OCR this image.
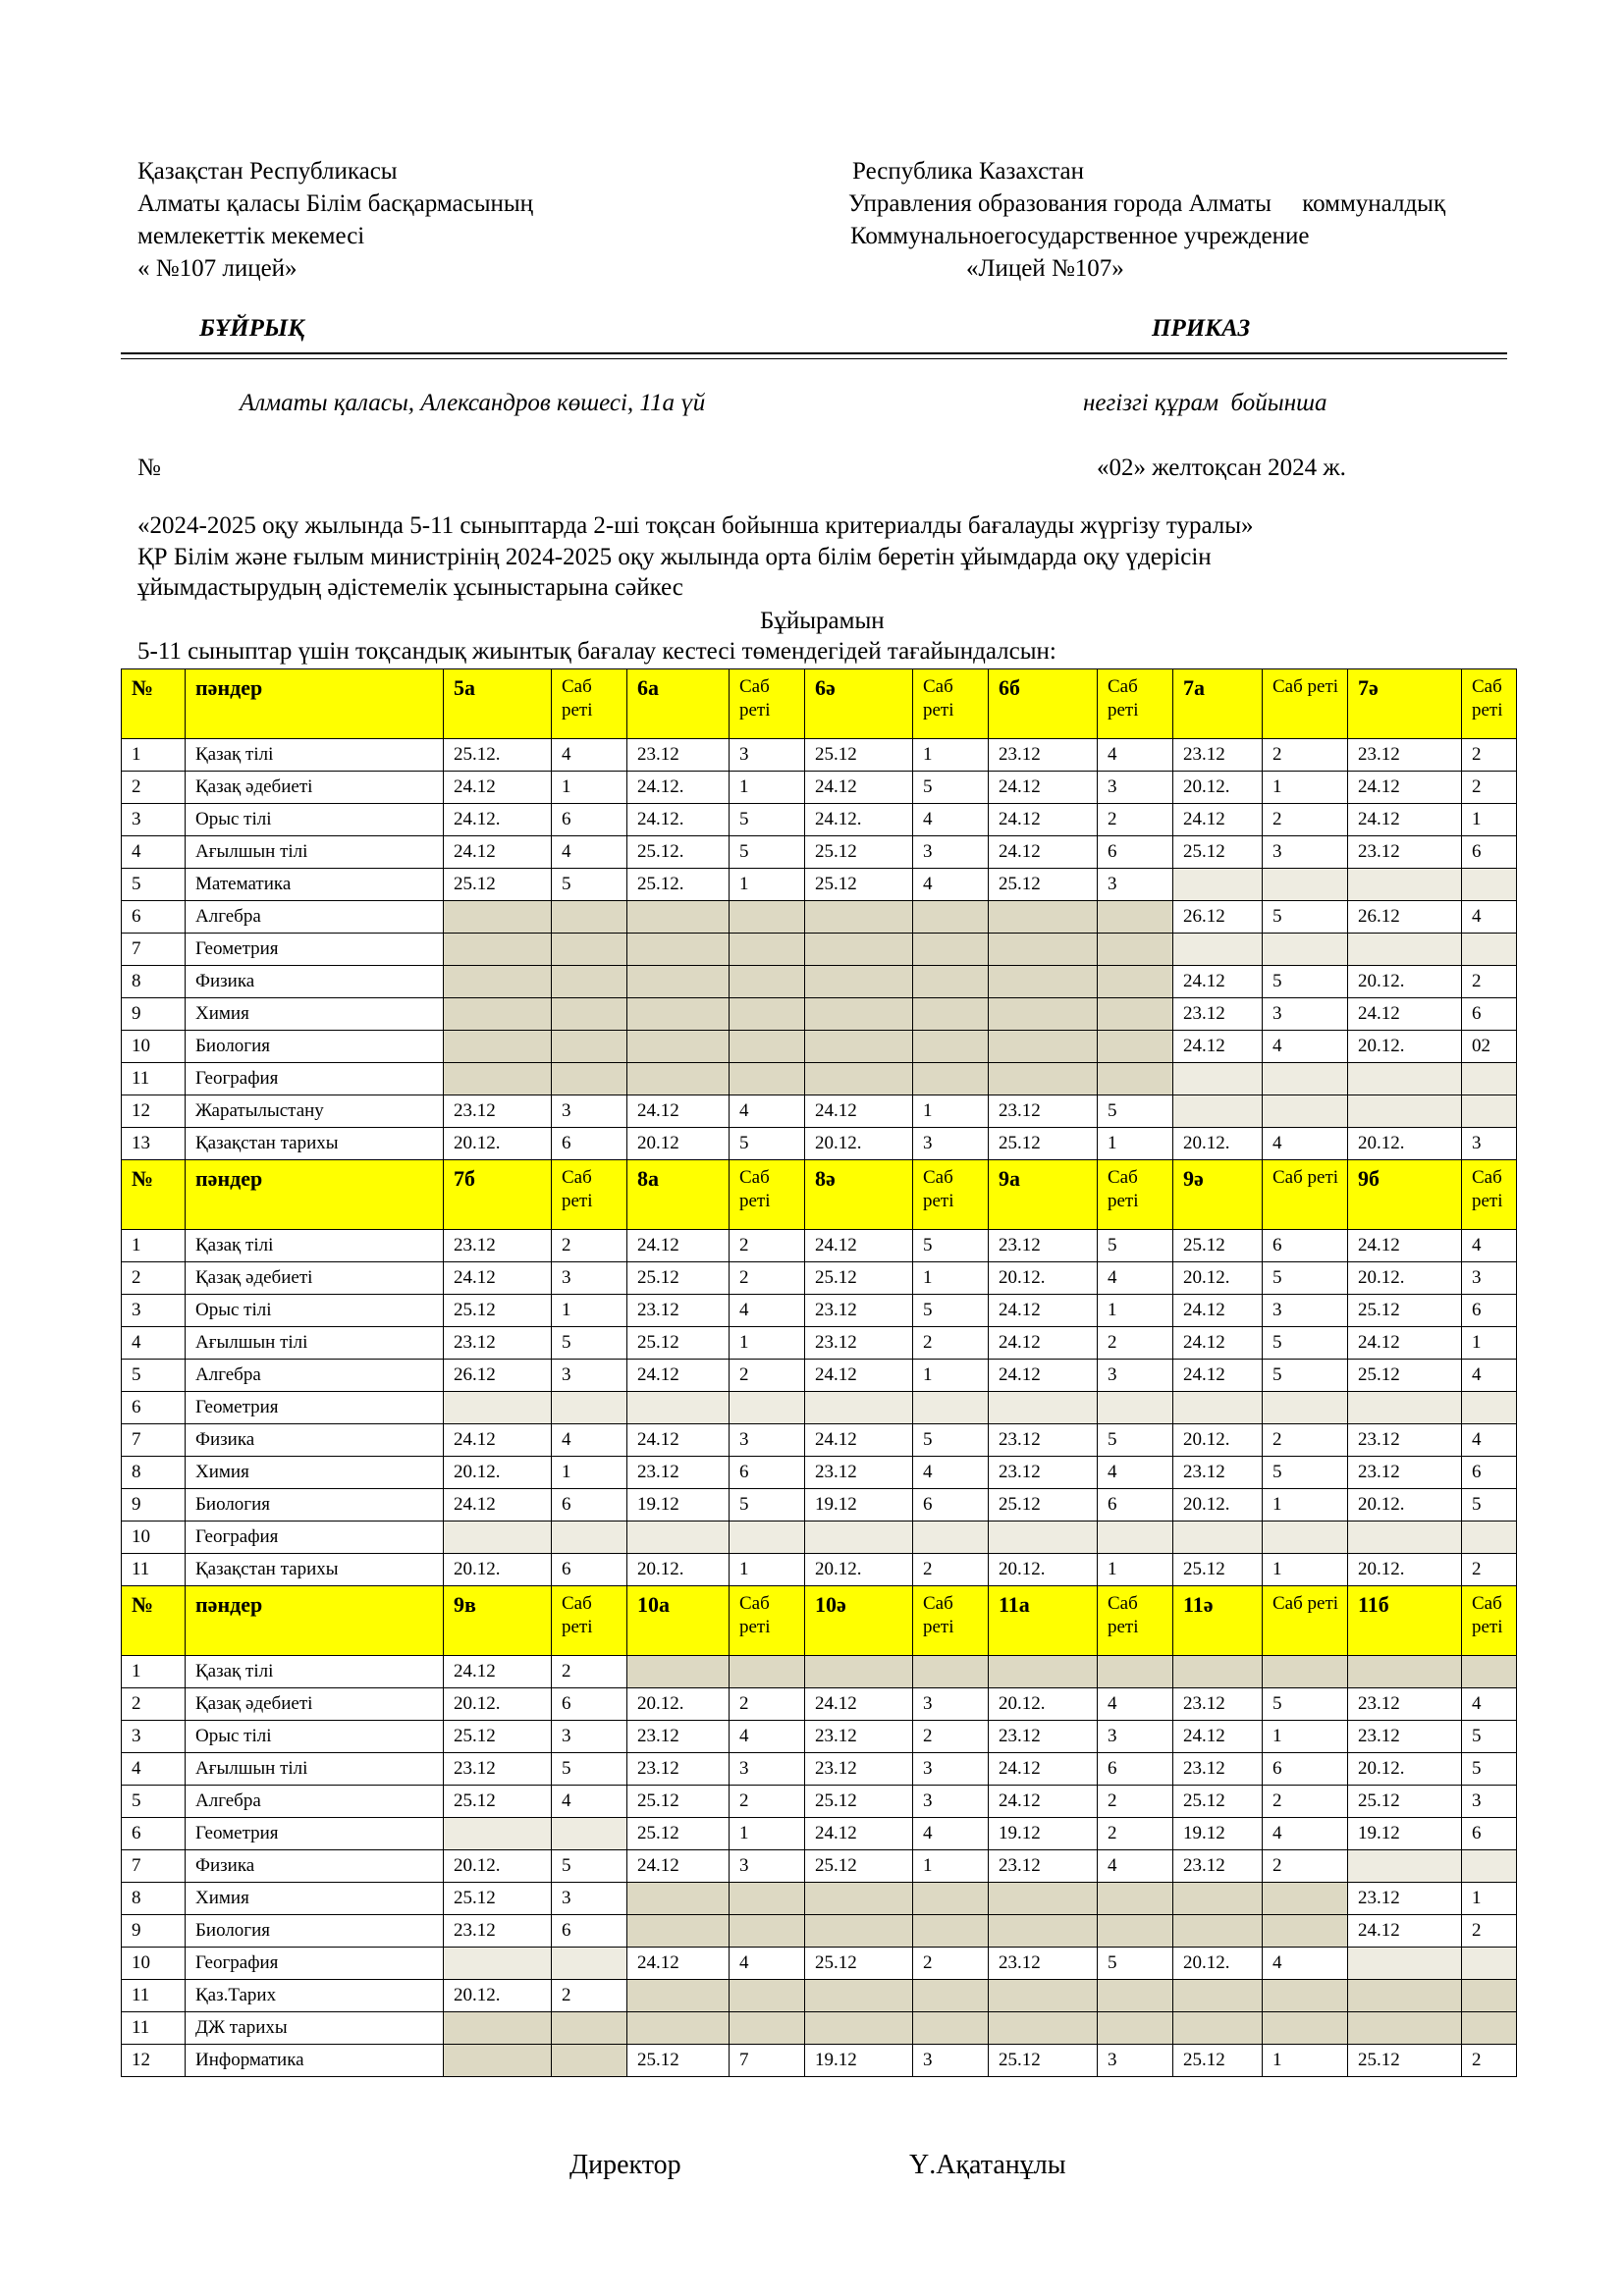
Қазақстан Республикасы
Алматы қаласы Білім басқармасының
мемлекеттік мекемесі
« №107 лицей»
Республика Казахстан
Управления образования города Алматы     коммуналдық
Коммунальноегосударственное учреждение
«Лицей №107»
БҰЙРЫҚ	ПРИКАЗ
Алматы қаласы, Александров көшесі, 11а үй	негізгі құрам  бойынша
№	«02» желтоқсан 2024 ж.
«2024-2025 оқу жылында 5-11 сыныптарда 2-ші тоқсан бойынша критериалды бағалауды жүргізу туралы»
ҚР Білім және ғылым министрінің 2024-2025 оқу жылында орта білім беретін ұйымдарда оқу үдерісін
ұйымдастырудың әдістемелік ұсыныстарына сәйкес
Бұйырамын
5-11 сыныптар үшін тоқсандық жиынтық бағалау кестесі төмендегідей тағайындалсын:
№	пәндер	5а	Саб реті	6а	Саб реті	6ә	Саб реті	6б	Саб реті	7а	Саб реті	7ә	Саб реті
1	Қазақ тілі	25.12.	4	23.12	3	25.12	1	23.12	4	23.12	2	23.12	2
2	Қазақ әдебиеті	24.12	1	24.12.	1	24.12	5	24.12	3	20.12.	1	24.12	2
3	Орыс тілі	24.12.	6	24.12.	5	24.12.	4	24.12	2	24.12	2	24.12	1
4	Ағылшын тілі	24.12	4	25.12.	5	25.12	3	24.12	6	25.12	3	23.12	6
5	Математика	25.12	5	25.12.	1	25.12	4	25.12	3				
6	Алгебра									26.12	5	26.12	4
7	Геометрия												
8	Физика									24.12	5	20.12.	2
9	Химия									23.12	3	24.12	6
10	Биология									24.12	4	20.12.	02
11	География												
12	Жаратылыстану	23.12	3	24.12	4	24.12	1	23.12	5				
13	Қазақстан тарихы	20.12.	6	20.12	5	20.12.	3	25.12	1	20.12.	4	20.12.	3
№	пәндер	7б	Саб реті	8а	Саб реті	8ә	Саб реті	9а	Саб реті	9ә	Саб реті	9б	Саб реті
1	Қазақ тілі	23.12	2	24.12	2	24.12	5	23.12	5	25.12	6	24.12	4
2	Қазақ әдебиеті	24.12	3	25.12	2	25.12	1	20.12.	4	20.12.	5	20.12.	3
3	Орыс тілі	25.12	1	23.12	4	23.12	5	24.12	1	24.12	3	25.12	6
4	Ағылшын тілі	23.12	5	25.12	1	23.12	2	24.12	2	24.12	5	24.12	1
5	Алгебра	26.12	3	24.12	2	24.12	1	24.12	3	24.12	5	25.12	4
6	Геометрия												
7	Физика	24.12	4	24.12	3	24.12	5	23.12	5	20.12.	2	23.12	4
8	Химия	20.12.	1	23.12	6	23.12	4	23.12	4	23.12	5	23.12	6
9	Биология	24.12	6	19.12	5	19.12	6	25.12	6	20.12.	1	20.12.	5
10	География												
11	Қазақстан тарихы	20.12.	6	20.12.	1	20.12.	2	20.12.	1	25.12	1	20.12.	2
№	пәндер	9в	Саб реті	10а	Саб реті	10ә	Саб реті	11а	Саб реті	11ә	Саб реті	11б	Саб реті
1	Қазақ тілі	24.12	2										
2	Қазақ әдебиеті	20.12.	6	20.12.	2	24.12	3	20.12.	4	23.12	5	23.12	4
3	Орыс тілі	25.12	3	23.12	4	23.12	2	23.12	3	24.12	1	23.12	5
4	Ағылшын тілі	23.12	5	23.12	3	23.12	3	24.12	6	23.12	6	20.12.	5
5	Алгебра	25.12	4	25.12	2	25.12	3	24.12	2	25.12	2	25.12	3
6	Геометрия			25.12	1	24.12	4	19.12	2	19.12	4	19.12	6
7	Физика	20.12.	5	24.12	3	25.12	1	23.12	4	23.12	2		
8	Химия	25.12	3									23.12	1
9	Биология	23.12	6									24.12	2
10	География			24.12	4	25.12	2	23.12	5	20.12.	4		
11	Қаз.Тарих	20.12.	2										
11	ДЖ тарихы												
12	Информатика			25.12	7	19.12	3	25.12	3	25.12	1	25.12	2
Директор	Ү.Ақатанұлы
